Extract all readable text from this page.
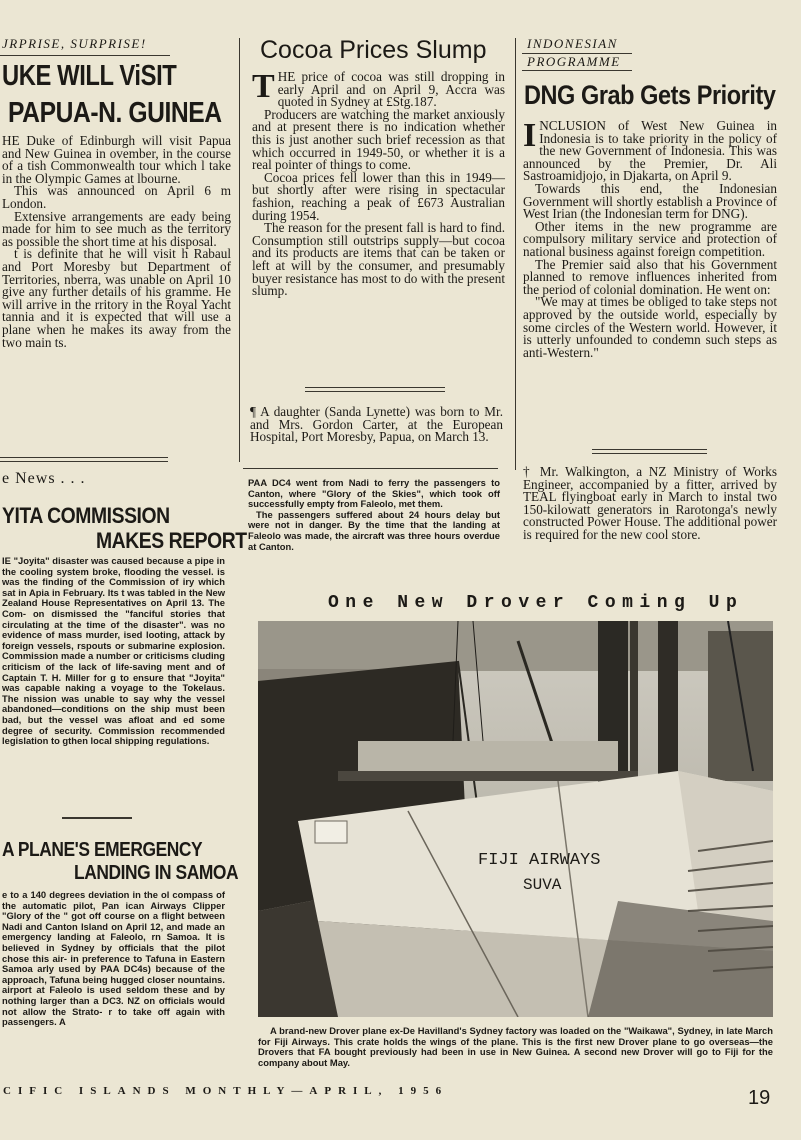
JRPRISE, SURPRISE!
UKE WILL ViSIT
PAPUA-N. GUINEA

HE Duke of Edinburgh will visit Papua and New Guinea in ovember, in the course of a tish Commonwealth tour which l take in the Olympic Games at lbourne.

This was announced on April 6 m London.

Extensive arrangements are eady being made for him to see much as the territory as possible the short time at his disposal.

t is definite that he will visit h Rabaul and Port Moresby but Department of Territories, nberra, was unable on April 10 give any further details of his gramme. He will arrive in the rritory in the Royal Yacht tannia and it is expected that will use a plane when he makes its away from the two main ts.

e News . . .
YITA COMMISSION
MAKES REPORT

IE "Joyita" disaster was caused because a pipe in the cooling system broke, flooding the vessel. is was the finding of the Commission of iry which sat in Apia in February. Its t was tabled in the New Zealand House Representatives on April 13. The Com- on dismissed the "fanciful stories that circulating at the time of the disaster". was no evidence of mass murder, ised looting, attack by foreign vessels, rspouts or submarine explosion. Commission made a number or criticisms cluding criticism of the lack of life-saving ment and of Captain T. H. Miller for g to ensure that "Joyita" was capable naking a voyage to the Tokelaus. The nission was unable to say why the vessel abandoned—conditions on the ship must been bad, but the vessel was afloat and ed some degree of security. Commission recommended legislation to gthen local shipping regulations.

A PLANE'S EMERGENCY
LANDING IN SAMOA

e to a 140 degrees deviation in the ol compass of the automatic pilot, Pan ican Airways Clipper "Glory of the " got off course on a flight between Nadi and Canton Island on April 12, and made an emergency landing at Faleolo, rn Samoa. It is believed in Sydney by officials that the pilot chose this air- in preference to Tafuna in Eastern Samoa arly used by PAA DC4s) because of the approach, Tafuna being hugged closer nountains. airport at Faleolo is used seldom these and by nothing larger than a DC3. NZ on officials would not allow the Strato- r to take off again with passengers. A

Cocoa Prices Slump

THE price of cocoa was still dropping in early April and on April 9, Accra was quoted in Sydney at £Stg.187.

Producers are watching the market anxiously and at present there is no indication whether this is just another such brief recession as that which occurred in 1949-50, or whether it is a real pointer of things to come.

Cocoa prices fell lower than this in 1949—but shortly after were rising in spectacular fashion, reaching a peak of £673 Australian during 1954.

The reason for the present fall is hard to find. Consumption still outstrips supply—but cocoa and its products are items that can be taken or left at will by the consumer, and presumably buyer resistance has most to do with the present slump.

¶ A daughter (Sanda Lynette) was born to Mr. and Mrs. Gordon Carter, at the European Hospital, Port Moresby, Papua, on March 13.

PAA DC4 went from Nadi to ferry the passengers to Canton, where "Glory of the Skies", which took off successfully empty from Faleolo, met them.

The passengers suffered about 24 hours delay but were not in danger. By the time that the landing at Faleolo was made, the aircraft was three hours overdue at Canton.

INDONESIAN
PROGRAMME
DNG Grab Gets Priority

INCLUSION of West New Guinea in Indonesia is to take priority in the policy of the new Government of Indonesia. This was announced by the Premier, Dr. Ali Sastroamidjojo, in Djakarta, on April 9.

Towards this end, the Indonesian Government will shortly establish a Province of West Irian (the Indonesian term for DNG).

Other items in the new programme are compulsory military service and protection of national business against foreign competition.

The Premier said also that his Government planned to remove influences inherited from the period of colonial domination. He went on:

"We may at times be obliged to take steps not approved by the outside world, especially by some circles of the Western world. However, it is utterly unfounded to condemn such steps as anti-Western."

† Mr. Walkington, a NZ Ministry of Works Engineer, accompanied by a fitter, arrived by TEAL flyingboat early in March to instal two 150-kilowatt generators in Rarotonga's newly constructed Power House. The additional power is required for the new cool store.

One New Drover Coming Up
FIJI AIRWAYS
SUVA

A brand-new Drover plane ex-De Havilland's Sydney factory was loaded on the "Waikawa", Sydney, in late March for Fiji Airways. This crate holds the wings of the plane. This is the first new Drover plane to go overseas—the Drovers that FA bought previously had been in use in New Guinea. A second new Drover will go to Fiji for the company about May.

CIFIC ISLANDS MONTHLY—APRIL, 1956	19
